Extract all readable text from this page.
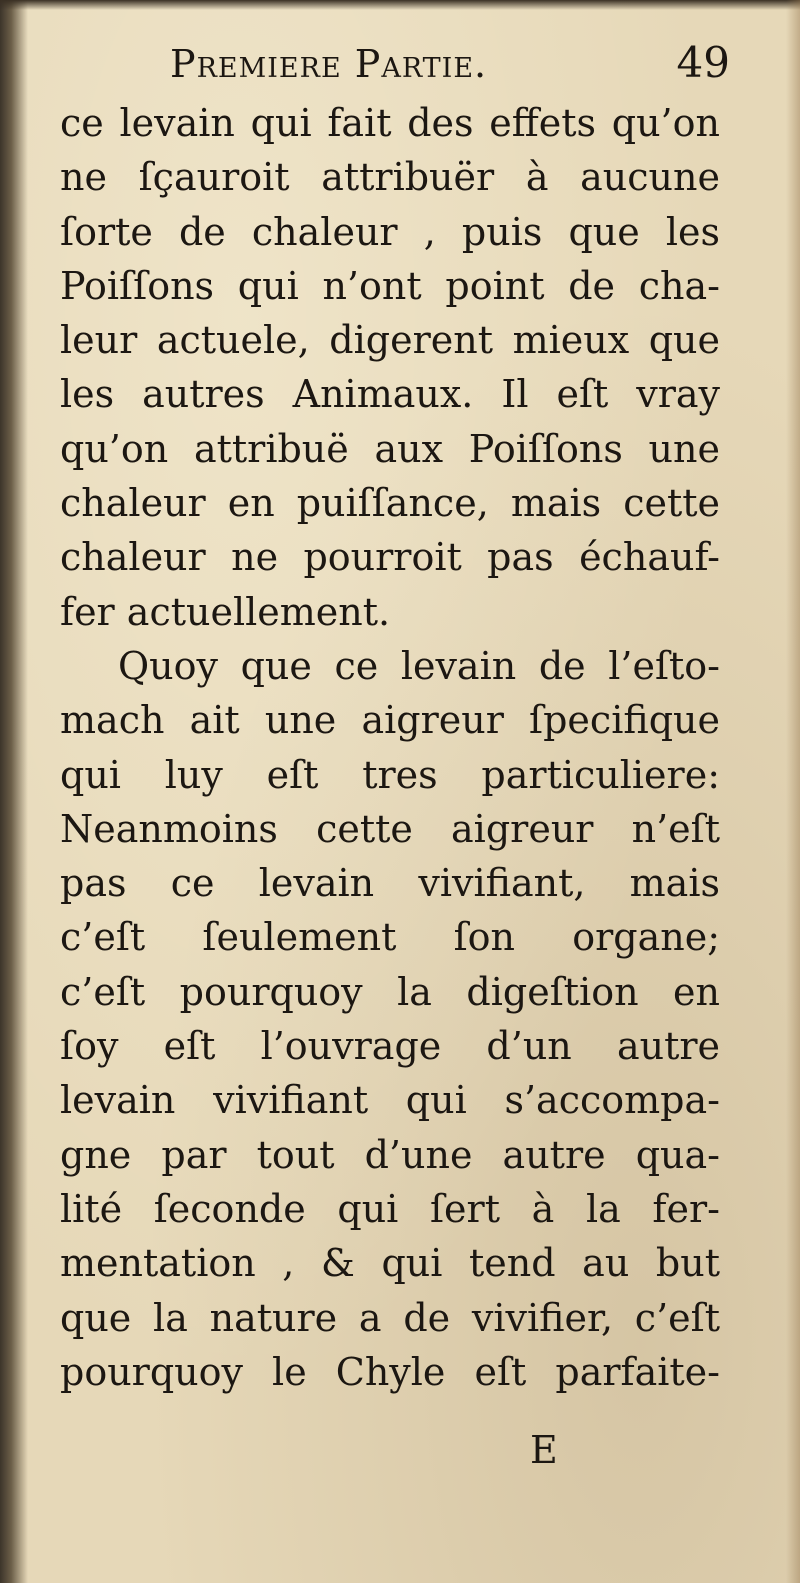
Premiere Partie.	49
ce levain qui fait des effets qu’on
ne ſçauroit attribuër à aucune
ſorte de chaleur , puis que les
Poiſſons qui n’ont point de cha-
leur actuele, digerent mieux que
les autres Animaux. Il eſt vray
qu’on attribuë aux Poiſſons une
chaleur en puiſſance, mais cette
chaleur ne pourroit pas échauf-
fer actuellement.
Quoy que ce levain de l’eſto-
mach ait une aigreur ſpecifique
qui luy eſt tres particuliere:
Neanmoins cette aigreur n’eſt
pas ce levain vivifiant, mais
c’eſt ſeulement ſon organe;
c’eſt pourquoy la digeſtion en
ſoy eſt l’ouvrage d’un autre
levain vivifiant qui s’accompa-
gne par tout d’une autre qua-
lité ſeconde qui ſert à la fer-
mentation , & qui tend au but
que la nature a de vivifier, c’eſt
pourquoy le Chyle eſt parfaite-
E
